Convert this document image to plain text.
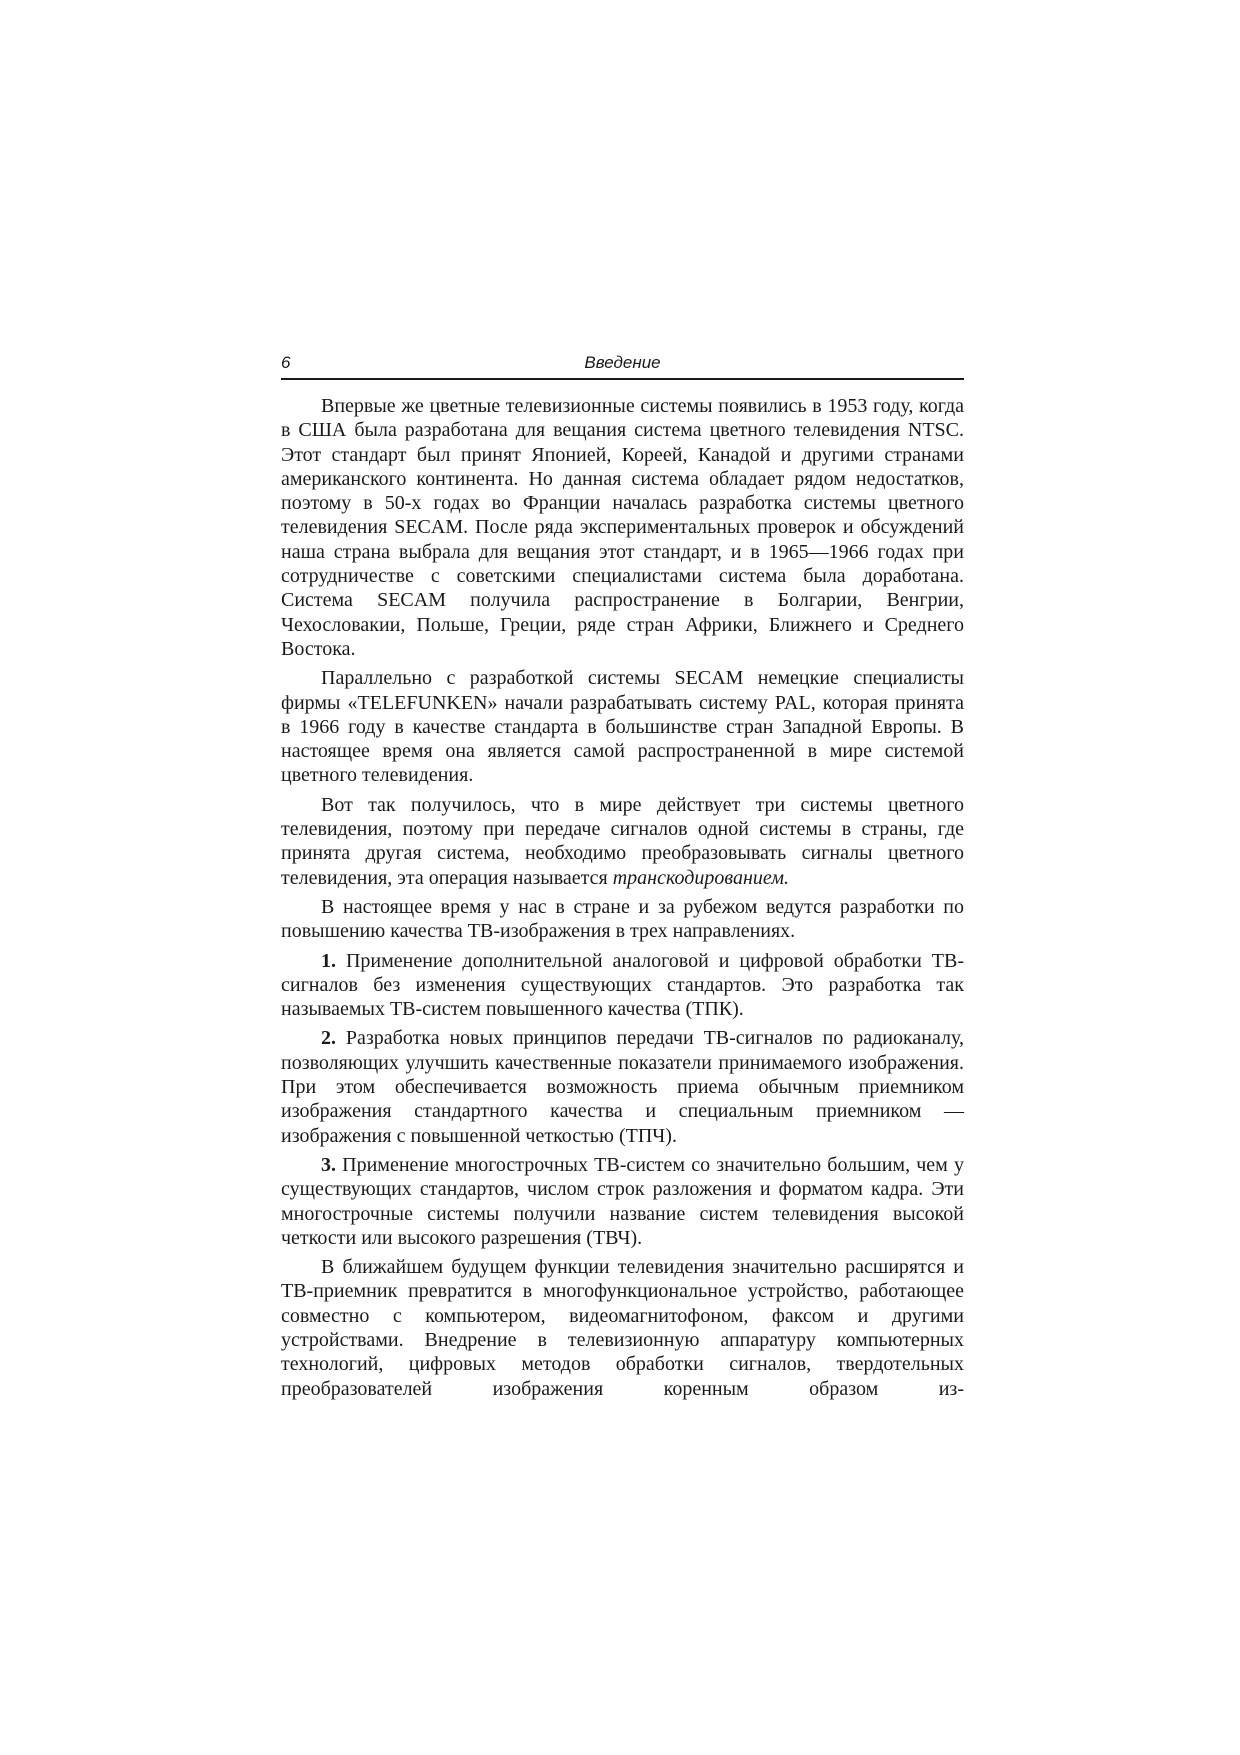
6	Введение

Впервые же цветные телевизионные системы появились в 1953 году, когда в США была разработана для вещания система цветного телевидения NTSC. Этот стандарт был принят Японией, Кореей, Канадой и другими странами американского континента. Но данная система обладает рядом недостатков, поэтому в 50-х годах во Франции началась разработка системы цветного телевидения SECAM. После ряда экспериментальных проверок и обсуждений наша страна выбрала для вещания этот стандарт, и в 1965—1966 годах при сотрудничестве с советскими специалистами система была доработана. Система SECAM получила распространение в Болгарии, Венгрии, Чехословакии, Польше, Греции, ряде стран Африки, Ближнего и Среднего Востока.

Параллельно с разработкой системы SECAM немецкие специалисты фирмы «TELEFUNKEN» начали разрабатывать систему PAL, которая принята в 1966 году в качестве стандарта в большинстве стран Западной Европы. В настоящее время она является самой распространенной в мире системой цветного телевидения.

Вот так получилось, что в мире действует три системы цветного телевидения, поэтому при передаче сигналов одной системы в страны, где принята другая система, необходимо преобразовывать сигналы цветного телевидения, эта операция называется транскодированием.

В настоящее время у нас в стране и за рубежом ведутся разработки по повышению качества ТВ-изображения в трех направлениях.

1. Применение дополнительной аналоговой и цифровой обработки ТВ-сигналов без изменения существующих стандартов. Это разработка так называемых ТВ-систем повышенного качества (ТПК).

2. Разработка новых принципов передачи ТВ-сигналов по радиоканалу, позволяющих улучшить качественные показатели принимаемого изображения. При этом обеспечивается возможность приема обычным приемником изображения стандартного качества и специальным приемником — изображения с повышенной четкостью (ТПЧ).

3. Применение многострочных ТВ-систем со значительно большим, чем у существующих стандартов, числом строк разложения и форматом кадра. Эти многострочные системы получили название систем телевидения высокой четкости или высокого разрешения (ТВЧ).

В ближайшем будущем функции телевидения значительно расширятся и ТВ-приемник превратится в многофункциональное устройство, работающее совместно с компьютером, видеомагнитофоном, факсом и другими устройствами. Внедрение в телевизионную аппаратуру компьютерных технологий, цифровых методов обработки сигналов, твердотельных преобразователей изображения коренным образом из-
